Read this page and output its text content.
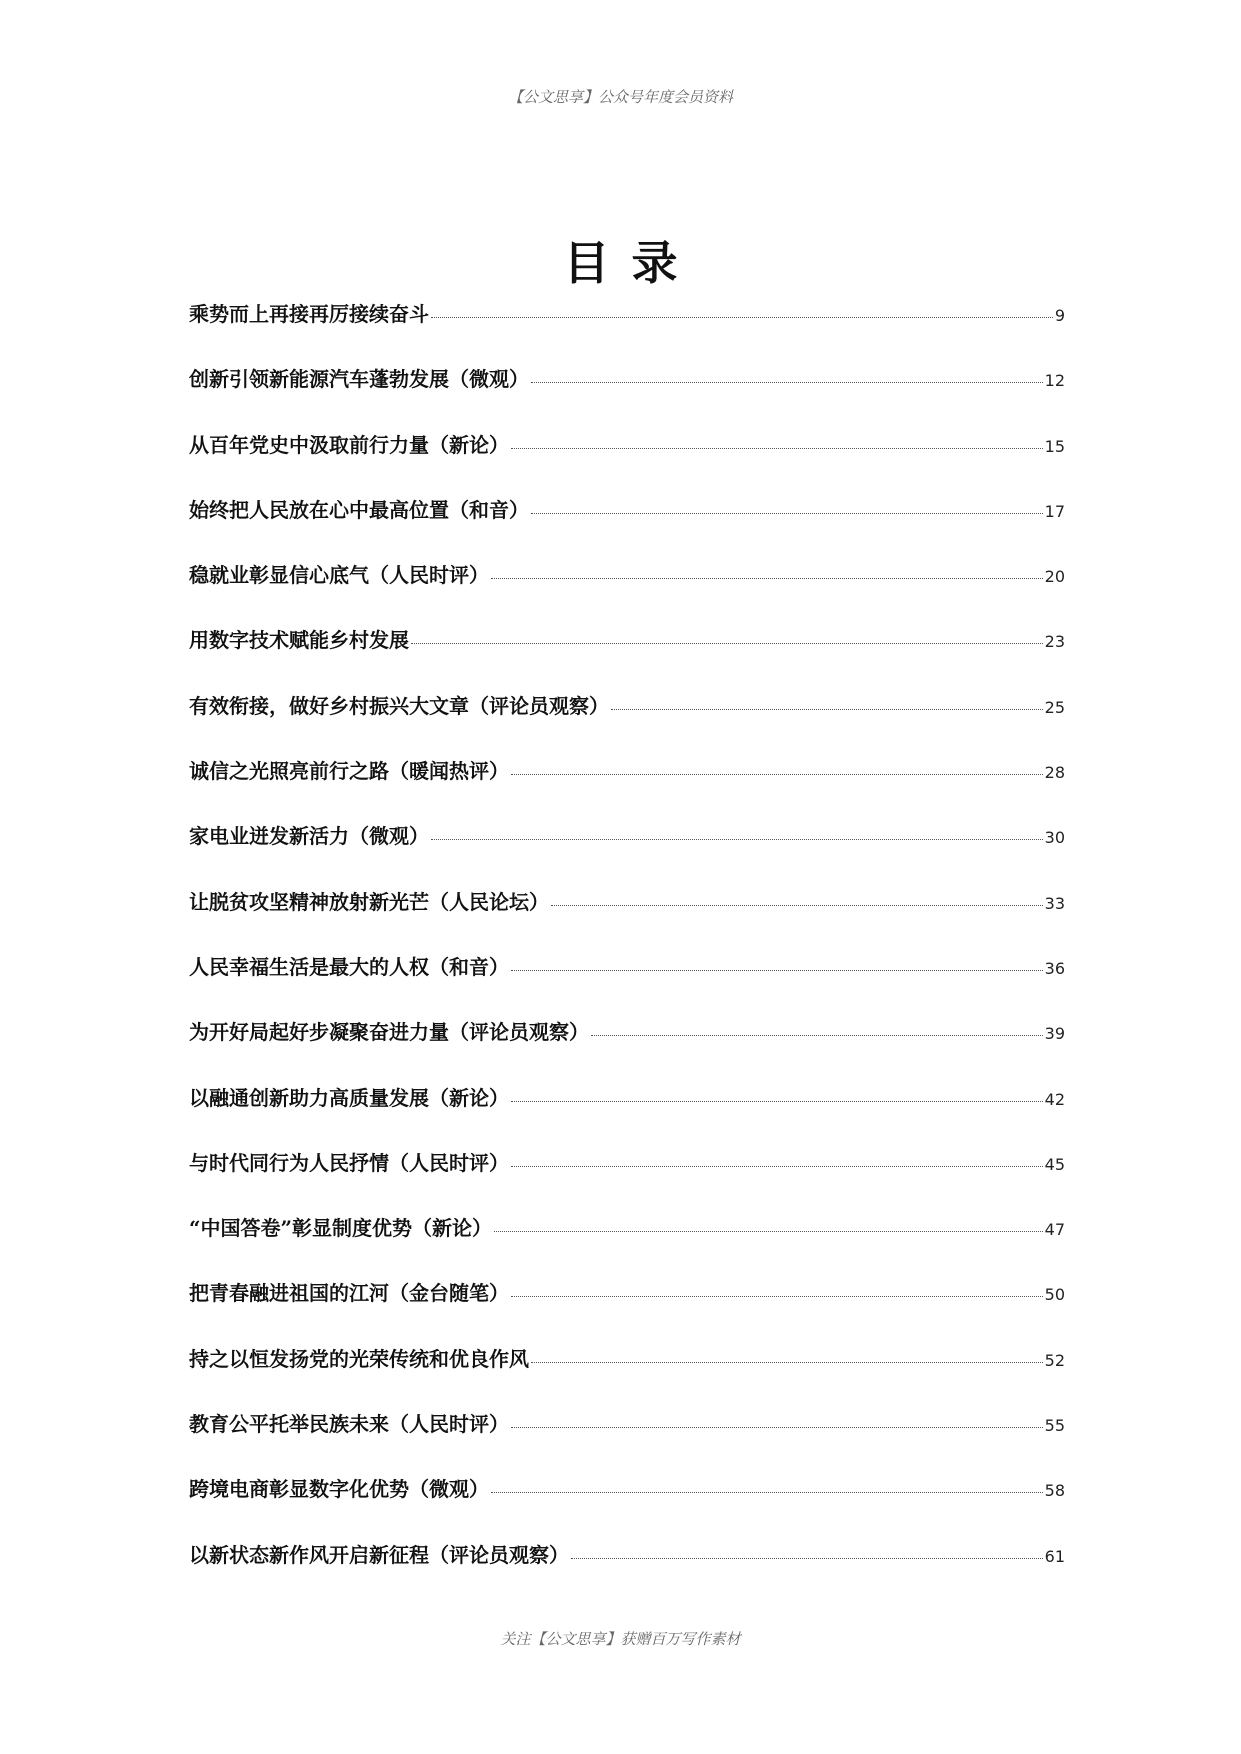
【公文思享】公众号年度会员资料
目录
乘势而上再接再厉接续奋斗	9
创新引领新能源汽车蓬勃发展（微观）	12
从百年党史中汲取前行力量（新论）	15
始终把人民放在心中最高位置（和音）	17
稳就业彰显信心底气（人民时评）	20
用数字技术赋能乡村发展	23
有效衔接，做好乡村振兴大文章（评论员观察）	25
诚信之光照亮前行之路（暖闻热评）	28
家电业迸发新活力（微观）	30
让脱贫攻坚精神放射新光芒（人民论坛）	33
人民幸福生活是最大的人权（和音）	36
为开好局起好步凝聚奋进力量（评论员观察）	39
以融通创新助力高质量发展（新论）	42
与时代同行为人民抒情（人民时评）	45
“中国答卷”彰显制度优势（新论）	47
把青春融进祖国的江河（金台随笔）	50
持之以恒发扬党的光荣传统和优良作风	52
教育公平托举民族未来（人民时评）	55
跨境电商彰显数字化优势（微观）	58
以新状态新作风开启新征程（评论员观察）	61
关注【公文思享】获赠百万写作素材
